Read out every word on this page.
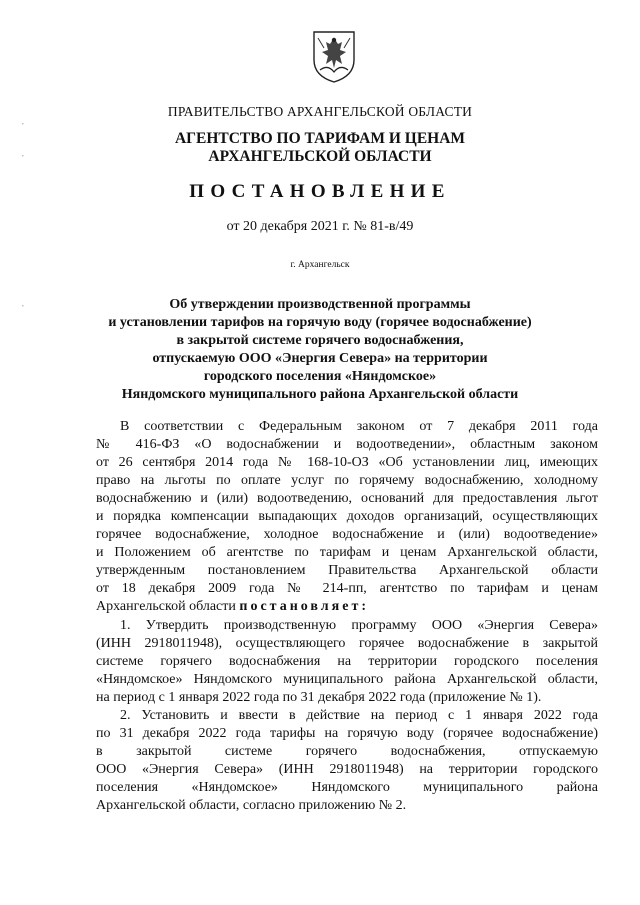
,
,
,
ПРАВИТЕЛЬСТВО АРХАНГЕЛЬСКОЙ ОБЛАСТИ
АГЕНТСТВО ПО ТАРИФАМ И ЦЕНАМ
АРХАНГЕЛЬСКОЙ ОБЛАСТИ
ПОСТАНОВЛЕНИЕ
от 20 декабря 2021 г. № 81-в/49
г. Архангельск
Об утверждении производственной программы
и установлении тарифов на горячую воду (горячее водоснабжение)
в закрытой системе горячего водоснабжения,
отпускаемую ООО «Энергия Севера» на территории
городского поселения «Няндомское»
Няндомского муниципального района Архангельской области
В соответствии с Федеральным законом от 7 декабря 2011 года
№ 416-ФЗ «О водоснабжении и водоотведении», областным законом
от 26 сентября 2014 года № 168-10-ОЗ «Об установлении лиц, имеющих
право на льготы по оплате услуг по горячему водоснабжению, холодному
водоснабжению и (или) водоотведению, оснований для предоставления льгот
и порядка компенсации выпадающих доходов организаций, осуществляющих
горячее водоснабжение, холодное водоснабжение и (или) водоотведение»
и Положением об агентстве по тарифам и ценам Архангельской области,
утвержденным постановлением Правительства Архангельской области
от 18 декабря 2009 года № 214-пп, агентство по тарифам и ценам
Архангельской области постановляет:
1. Утвердить производственную программу ООО «Энергия Севера»
(ИНН 2918011948), осуществляющего горячее водоснабжение в закрытой
системе горячего водоснабжения на территории городского поселения
«Няндомское» Няндомского муниципального района Архангельской области,
на период с 1 января 2022 года по 31 декабря 2022 года (приложение № 1).
2. Установить и ввести в действие на период с 1 января 2022 года
по 31 декабря 2022 года тарифы на горячую воду (горячее водоснабжение)
в закрытой системе горячего водоснабжения, отпускаемую
ООО «Энергия Севера» (ИНН 2918011948) на территории городского
поселения «Няндомское» Няндомского муниципального района
Архангельской области, согласно приложению № 2.
